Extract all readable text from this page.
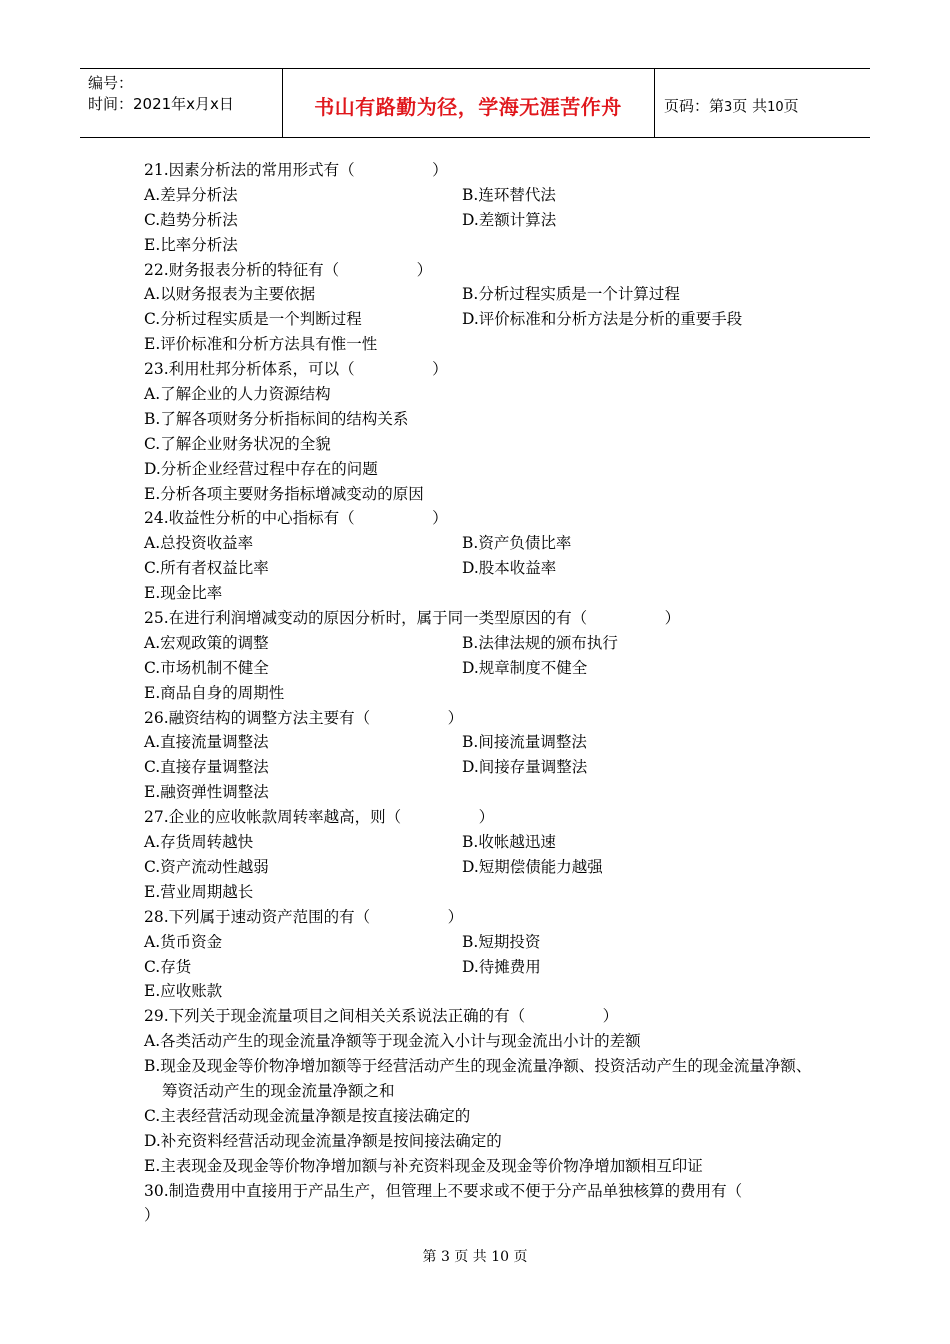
编号：
时间：2021年x月x日	书山有路勤为径，学海无涯苦作舟	页码：第3页 共10页
21.因素分析法的常用形式有（　　　　　）
A.差异分析法	B.连环替代法
C.趋势分析法	D.差额计算法
E.比率分析法
22.财务报表分析的特征有（　　　　　）
A.以财务报表为主要依据	B.分析过程实质是一个计算过程
C.分析过程实质是一个判断过程	D.评价标准和分析方法是分析的重要手段
E.评价标准和分析方法具有惟一性
23.利用杜邦分析体系，可以（　　　　　）
A.了解企业的人力资源结构
B.了解各项财务分析指标间的结构关系
C.了解企业财务状况的全貌
D.分析企业经营过程中存在的问题
E.分析各项主要财务指标增减变动的原因
24.收益性分析的中心指标有（　　　　　）
A.总投资收益率	B.资产负债比率
C.所有者权益比率	D.股本收益率
E.现金比率
25.在进行利润增减变动的原因分析时，属于同一类型原因的有（　　　　　）
A.宏观政策的调整	B.法律法规的颁布执行
C.市场机制不健全	D.规章制度不健全
E.商品自身的周期性
26.融资结构的调整方法主要有（　　　　　）
A.直接流量调整法	B.间接流量调整法
C.直接存量调整法	D.间接存量调整法
E.融资弹性调整法
27.企业的应收帐款周转率越高，则（　　　　　）
A.存货周转越快	B.收帐越迅速
C.资产流动性越弱	D.短期偿债能力越强
E.营业周期越长
28.下列属于速动资产范围的有（　　　　　）
A.货币资金	B.短期投资
C.存货	D.待摊费用
E.应收账款
29.下列关于现金流量项目之间相关关系说法正确的有（　　　　　）
A.各类活动产生的现金流量净额等于现金流入小计与现金流出小计的差额
B.现金及现金等价物净增加额等于经营活动产生的现金流量净额、投资活动产生的现金流量净额、筹资活动产生的现金流量净额之和
C.主表经营活动现金流量净额是按直接法确定的
D.补充资料经营活动现金流量净额是按间接法确定的
E.主表现金及现金等价物净增加额与补充资料现金及现金等价物净增加额相互印证
30.制造费用中直接用于产品生产，但管理上不要求或不便于分产品单独核算的费用有（
）
第 3 页 共 10 页
